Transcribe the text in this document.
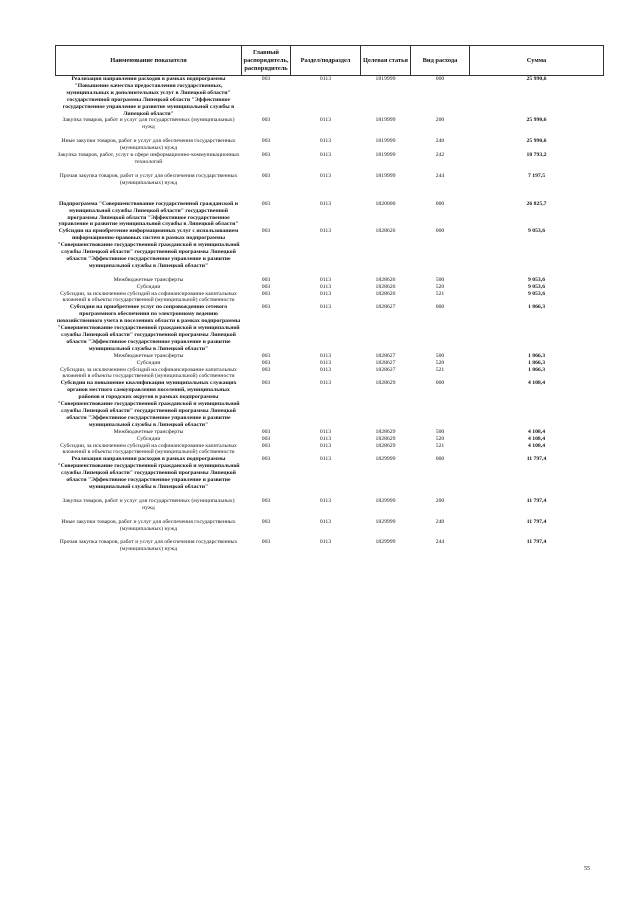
Наименование показателя	Главный распорядитель, распорядитель	Раздел/подраздел	Целевая статья	Вид расхода	Сумма
Реализация направления расходов в рамках подпрограммы "Повышение качества предоставления государственных, муниципальных и дополнительных услуг в Липецкой области" государственной программы Липецкой области "Эффективное государственное управление и развитие муниципальной службы в Липецкой области"	003	0113	1819999	000	25 990,6
Закупка товаров, работ и услуг для государственных (муниципальных) нужд	003	0113	1819999	200	25 990,6
Иные закупки товаров, работ и услуг для обеспечения государственных (муниципальных) нужд	003	0113	1819999	240	25 990,6
Закупка товаров, работ, услуг в сфере информационно-коммуникационных технологий	003	0113	1819999	242	18 793,2
Прочая закупка товаров, работ и услуг для обеспечения государственных (муниципальных) нужд	003	0113	1819999	244	7 197,5
Подпрограмма "Совершенствование государственной гражданской и муниципальной службы Липецкой области" государственной программы Липецкой области "Эффективное государственное управление и развитие муниципальной службы в Липецкой области"	003	0113	1820000	000	26 825,7
Субсидии на приобретение информационных услуг с использованием информационно-правовых систем в рамках подпрограммы "Совершенствование государственной гражданской и муниципальной службы Липецкой области" государственной программы Липецкой области "Эффективное государственное управление и развитие муниципальной службы в Липецкой области"	003	0113	1828626	000	9 053,6
Межбюджетные трансферты	003	0113	1828626	500	9 053,6
Субсидии	003	0113	1828626	520	9 053,6
Субсидии, за исключением субсидий на софинансирование капитальных вложений в объекты государственной (муниципальной) собственности	003	0113	1828626	521	9 053,6
Субсидии на приобретение услуг по сопровождению сетевого программного обеспечения по электронному ведению похозяйственного учета в поселениях области в рамках подпрограммы "Совершенствование государственной гражданской и муниципальной службы Липецкой области" государственной программы Липецкой области "Эффективное государственное управление и развитие муниципальной службы в Липецкой области"	003	0113	1828627	000	1 866,3
Межбюджетные трансферты	003	0113	1828627	500	1 866,3
Субсидии	003	0113	1828627	520	1 866,3
Субсидии, за исключением субсидий на софинансирование капитальных вложений в объекты государственной (муниципальной) собственности	003	0113	1828627	521	1 866,3
Субсидии на повышение квалификации муниципальных служащих органов местного самоуправления поселений, муниципальных районов и городских округов в рамках подпрограммы "Совершенствование государственной гражданской и муниципальной службы Липецкой области" государственной программы Липецкой области "Эффективное государственное управление и развитие муниципальной службы в Липецкой области"	003	0113	1828629	000	4 108,4
Межбюджетные трансферты	003	0113	1828629	500	4 108,4
Субсидии	003	0113	1828629	520	4 108,4
Субсидии, за исключением субсидий на софинансирование капитальных вложений в объекты государственной (муниципальной) собственности	003	0113	1828629	521	4 108,4
Реализация направления расходов в рамках подпрограммы "Совершенствование государственной гражданской и муниципальной службы Липецкой области" государственной программы Липецкой области "Эффективное государственное управление и развитие муниципальной службы в Липецкой области"	003	0113	1829999	000	11 797,4
Закупка товаров, работ и услуг для государственных (муниципальных) нужд	003	0113	1829999	200	11 797,4
Иные закупки товаров, работ и услуг для обеспечения государственных (муниципальных) нужд	003	0113	1829999	240	11 797,4
Прочая закупка товаров, работ и услуг для обеспечения государственных (муниципальных) нужд	003	0113	1829999	244	11 797,4
55
